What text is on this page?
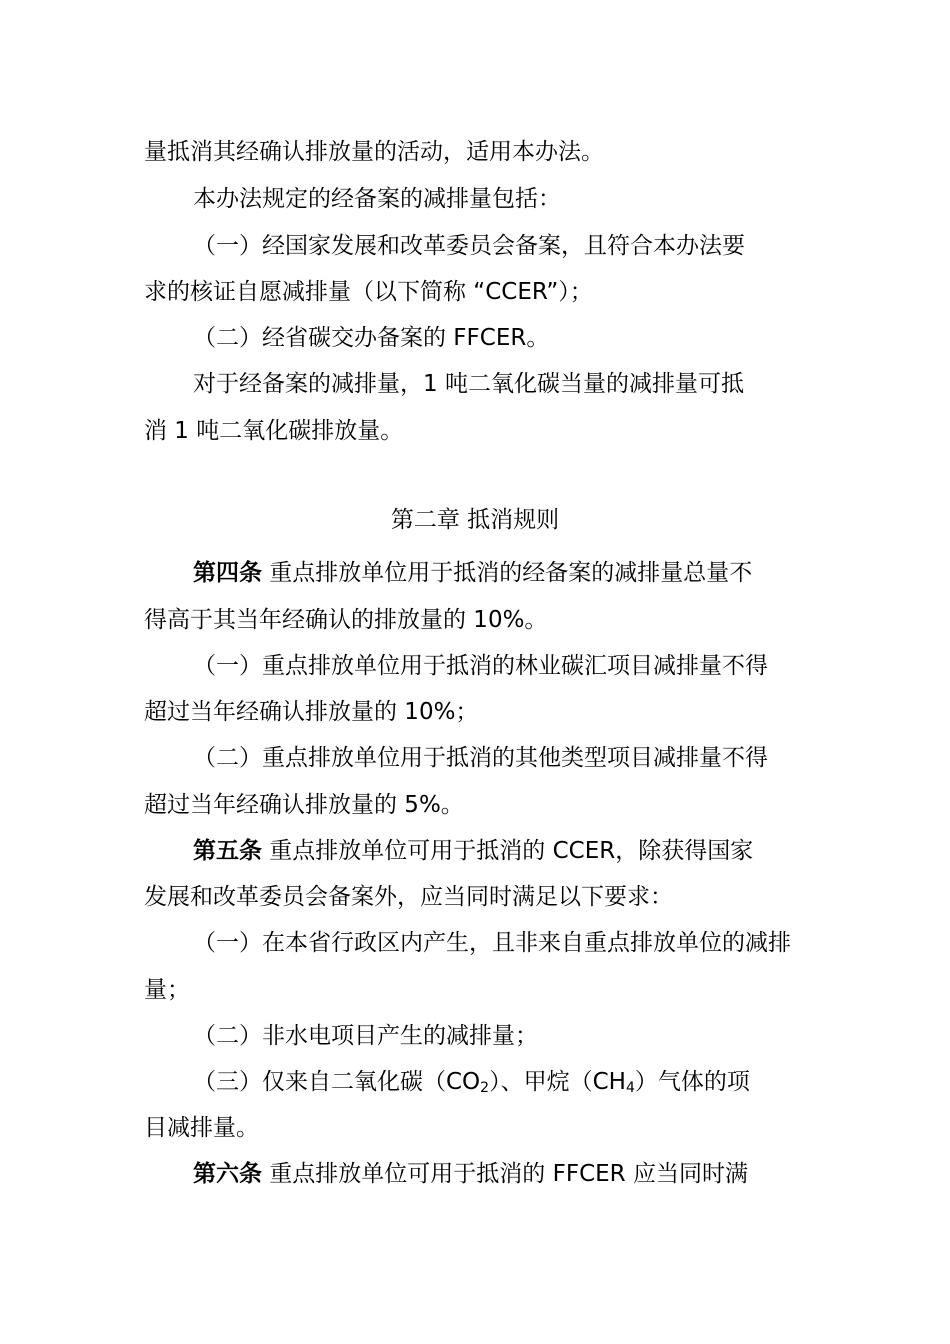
量抵消其经确认排放量的活动，适用本办法。
本办法规定的经备案的减排量包括：
（一）经国家发展和改革委员会备案，且符合本办法要
求的核证自愿减排量（以下简称 “CCER”）；
（二）经省碳交办备案的 FFCER。
对于经备案的减排量，1 吨二氧化碳当量的减排量可抵
消 1 吨二氧化碳排放量。
第二章 抵消规则
第四条 重点排放单位用于抵消的经备案的减排量总量不
得高于其当年经确认的排放量的 10%。
（一）重点排放单位用于抵消的林业碳汇项目减排量不得
超过当年经确认排放量的 10%；
（二）重点排放单位用于抵消的其他类型项目减排量不得
超过当年经确认排放量的 5%。
第五条 重点排放单位可用于抵消的 CCER，除获得国家
发展和改革委员会备案外，应当同时满足以下要求：
（一）在本省行政区内产生，且非来自重点排放单位的减排
量；
（二）非水电项目产生的减排量；
（三）仅来自二氧化碳$(CO_2)$、甲烷$(CH_4)$气体的项
目减排量。
第六条 重点排放单位可用于抵消的 FFCER 应当同时满
